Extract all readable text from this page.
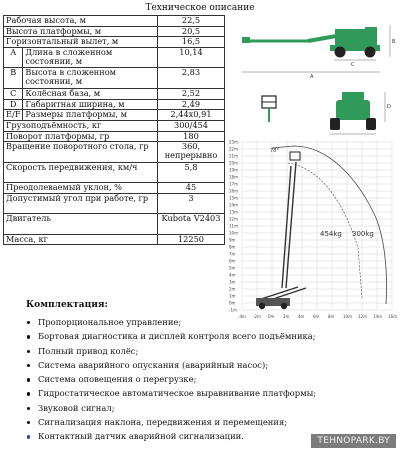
Техническое описание
Рабочая высота, м		22,5
Высота платформы, м		20,5
Горизонтальный вылет, м		16,5
A	Длина в сложенном состоянии, м	10,14
B	Высота в сложенном состоянии, м	2,83
C	Колёсная база, м	2,52
D	Габаритная ширина, м	2,49
E/F	Размеры платформы, м	2,44x0,91
Грузоподъёмность, кг		300/454
Поворот платформы, гр		180
Вращение поворотного стола, гр		360, непрерывно
Скорость передвижения, км/ч		5,8
Преодолеваемый уклон, %		45
Допустимый угол при работе, гр		3
Двигатель		Kubota V2403
Масса, кг		12250
C
A
B
D
23m
22m
21m
20m
19m
18m
17m
16m
15m
14m
13m
12m
11m
10m
9m
8m
7m
6m
5m
4m
3m
2m
1m
0m
-1m
-4m -2m 0m 2m 4m 6m 8m 10m 12m 14m 16m
78°
454kg 300kg
Комплектация:
Пропорциональное управление;
Бортовая диагностика и дисплей контроля всего подъёмника;
Полный привод колёс;
Система аварийного опускания (аварийный насос);
Система оповещения о перегрузке;
Гидростатическое автоматическое выравнивание платформы;
Звуковой сигнал;
Сигнализация наклона, передвижения и перемещения;
Контактный датчик аварийной сигнализации.	TEHNOPARK.BY
